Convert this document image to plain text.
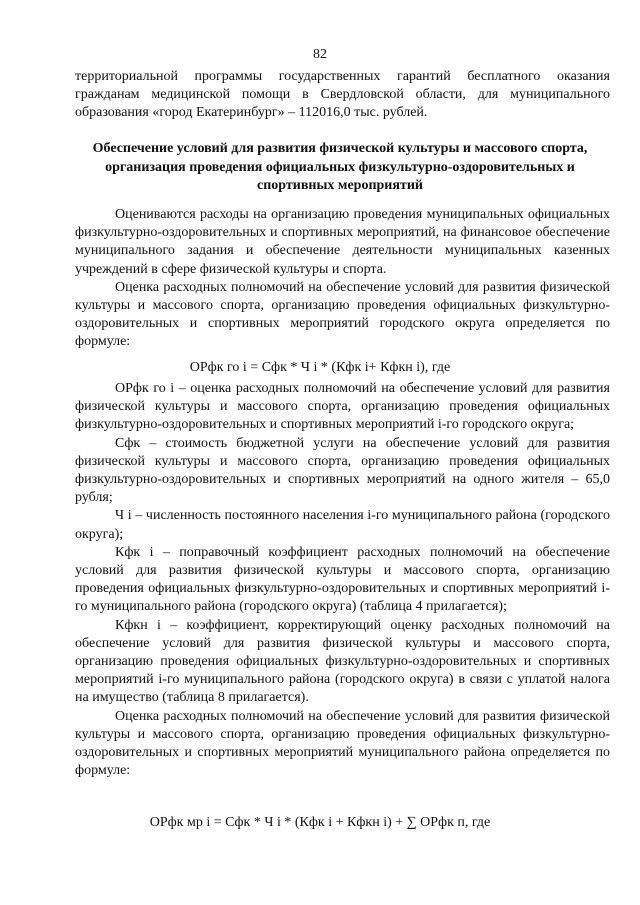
82

территориальной программы государственных гарантий бесплатного оказания гражданам медицинской помощи в Свердловской области, для муниципального образования «город Екатеринбург» – 112016,0 тыс. рублей.

Обеспечение условий для развития физической культуры и массового спорта, организация проведения официальных физкультурно-оздоровительных и спортивных мероприятий

Оцениваются расходы на организацию проведения муниципальных официальных физкультурно-оздоровительных и спортивных мероприятий, на финансовое обеспечение муниципального задания и обеспечение деятельности муниципальных казенных учреждений в сфере физической культуры и спорта.

Оценка расходных полномочий на обеспечение условий для развития физической культуры и массового спорта, организацию проведения официальных физкультурно-оздоровительных и спортивных мероприятий городского округа определяется по формуле:

ОРфк го i = Сфк * Ч i * (Кфк i+ Кфкн i), где

ОРфк го i – оценка расходных полномочий на обеспечение условий для развития физической культуры и массового спорта, организацию проведения официальных физкультурно-оздоровительных и спортивных мероприятий i-го городского округа;

Сфк – стоимость бюджетной услуги на обеспечение условий для развития физической культуры и массового спорта, организацию проведения официальных физкультурно-оздоровительных и спортивных мероприятий на одного жителя – 65,0 рубля;

Ч i – численность постоянного населения i-го муниципального района (городского округа);

Кфк i – поправочный коэффициент расходных полномочий на обеспечение условий для развития физической культуры и массового спорта, организацию проведения официальных физкультурно-оздоровительных и спортивных мероприятий i-го муниципального района (городского округа) (таблица 4 прилагается);

Кфкн i – коэффициент, корректирующий оценку расходных полномочий на обеспечение условий для развития физической культуры и массового спорта, организацию проведения официальных физкультурно-оздоровительных и спортивных мероприятий i-го муниципального района (городского округа) в связи с уплатой налога на имущество (таблица 8 прилагается).

Оценка расходных полномочий на обеспечение условий для развития физической культуры и массового спорта, организацию проведения официальных физкультурно-оздоровительных и спортивных мероприятий муниципального района определяется по формуле:

ОРфк мр i = Сфк * Ч i * (Кфк i + Кфкн i) + ∑ ОРфк п, где
